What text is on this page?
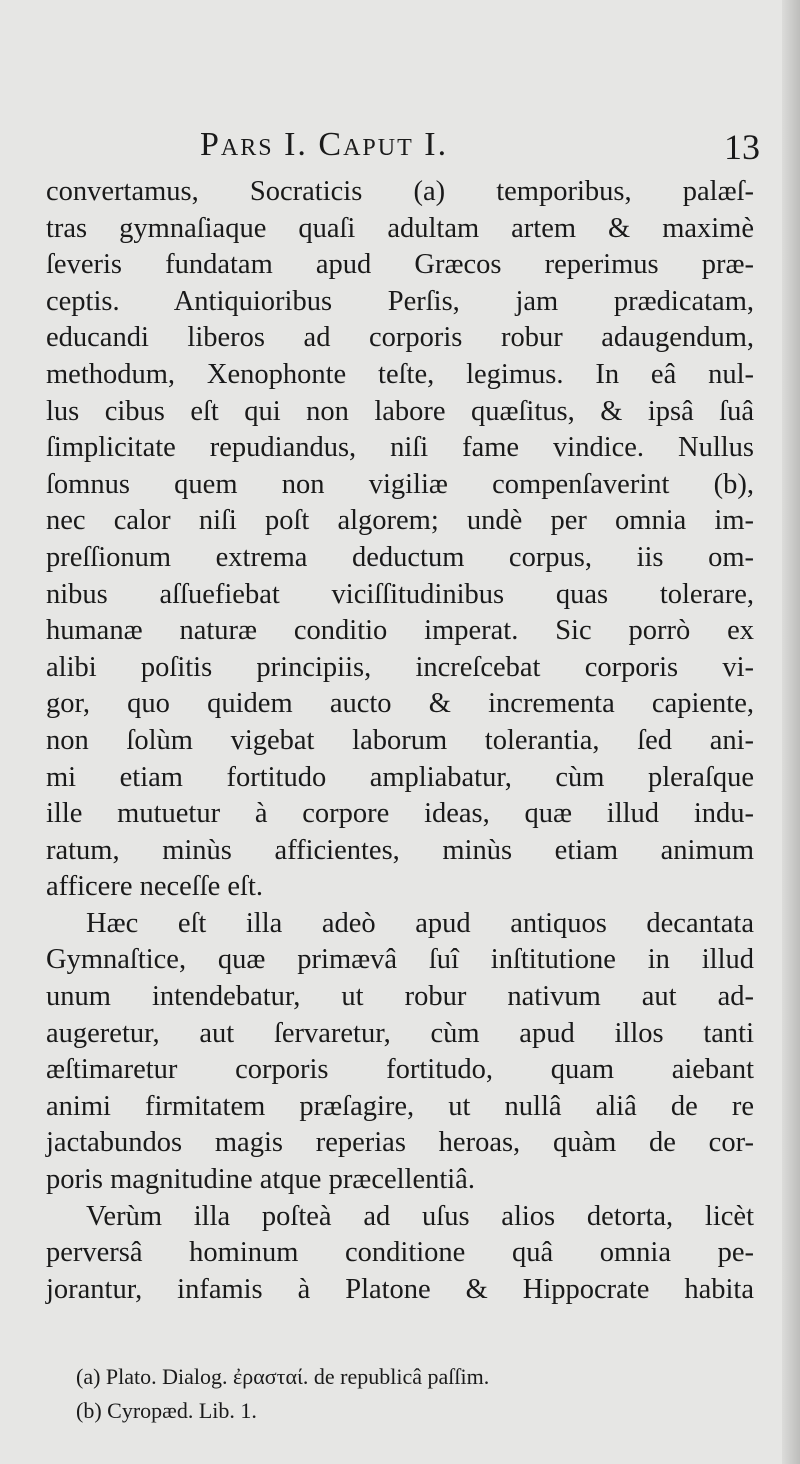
Pars I. Caput I.	13
convertamus, Socraticis (a) temporibus, palæſ-
tras gymnaſiaque quaſi adultam artem & maximè
ſeveris fundatam apud Græcos reperimus præ-
ceptis. Antiquioribus Perſis, jam prædicatam,
educandi liberos ad corporis robur adaugendum,
methodum, Xenophonte teſte, legimus. In eâ nul-
lus cibus eſt qui non labore quæſitus, & ipsâ ſuâ
ſimplicitate repudiandus, niſi fame vindice. Nullus
ſomnus quem non vigiliæ compenſaverint (b),
nec calor niſi poſt algorem; undè per omnia im-
preſſionum extrema deductum corpus, iis om-
nibus aſſuefiebat viciſſitudinibus quas tolerare,
humanæ naturæ conditio imperat. Sic porrò ex
alibi poſitis principiis, increſcebat corporis vi-
gor, quo quidem aucto & incrementa capiente,
non ſolùm vigebat laborum tolerantia, ſed ani-
mi etiam fortitudo ampliabatur, cùm pleraſque
ille mutuetur à corpore ideas, quæ illud indu-
ratum, minùs afficientes, minùs etiam animum
afficere neceſſe eſt.
Hæc eſt illa adeò apud antiquos decantata
Gymnaſtice, quæ primævâ ſuî inſtitutione in illud
unum intendebatur, ut robur nativum aut ad-
augeretur, aut ſervaretur, cùm apud illos tanti
æſtimaretur corporis fortitudo, quam aiebant
animi firmitatem præſagire, ut nullâ aliâ de re
jactabundos magis reperias heroas, quàm de cor-
poris magnitudine atque præcellentiâ.
Verùm illa poſteà ad uſus alios detorta, licèt
perversâ hominum conditione quâ omnia pe-
jorantur, infamis à Platone & Hippocrate habita
(a) Plato. Dialog. ἐρασταί. de republicâ paſſim.
(b) Cyropæd. Lib. 1.
